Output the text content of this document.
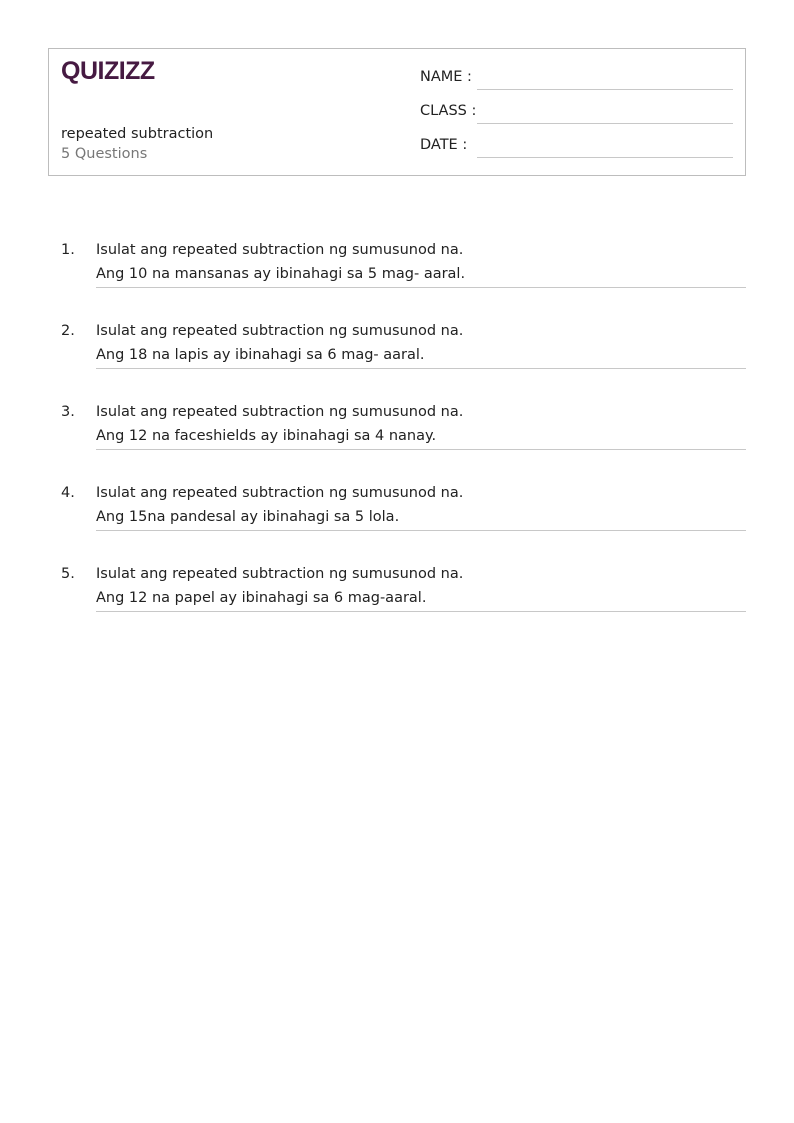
QUIZIZZ
repeated subtraction
5 Questions
NAME :
CLASS :
DATE :
1. Isulat ang repeated subtraction ng sumusunod na.
Ang 10 na mansanas ay ibinahagi sa 5 mag- aaral.
2. Isulat ang repeated subtraction ng sumusunod na.
Ang 18 na lapis ay ibinahagi sa 6 mag- aaral.
3. Isulat ang repeated subtraction ng sumusunod na.
Ang 12 na faceshields ay ibinahagi sa 4 nanay.
4. Isulat ang repeated subtraction ng sumusunod na.
Ang 15na pandesal ay ibinahagi sa 5 lola.
5. Isulat ang repeated subtraction ng sumusunod na.
Ang 12 na papel ay ibinahagi sa 6 mag-aaral.
